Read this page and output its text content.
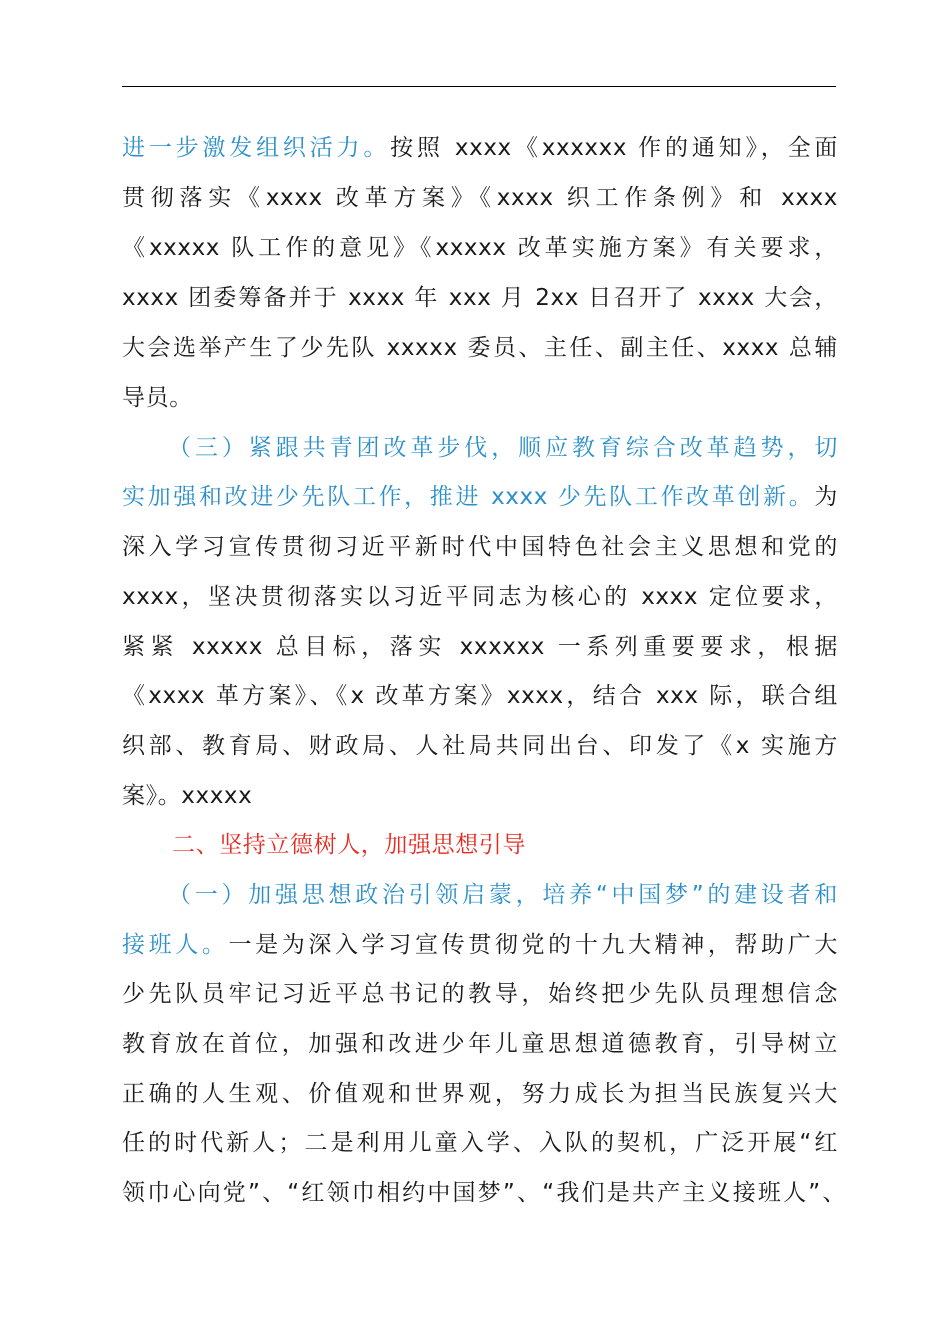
进一步激发组织活力。按照 xxxx《xxxxxx 作的通知》，全面
贯彻落实《xxxx 改革方案》《xxxx 织工作条例》和 xxxx
《xxxxx 队工作的意见》《xxxxx 改革实施方案》有关要求，
xxxx 团委筹备并于 xxxx 年 xxx 月 2xx 日召开了 xxxx 大会，
大会选举产生了少先队 xxxxx 委员、主任、副主任、xxxx 总辅
导员。
（三）紧跟共青团改革步伐，顺应教育综合改革趋势，切
实加强和改进少先队工作，推进 xxxx 少先队工作改革创新。为
深入学习宣传贯彻习近平新时代中国特色社会主义思想和党的
xxxx，坚决贯彻落实以习近平同志为核心的 xxxx 定位要求，
紧紧 xxxxx 总目标，落实 xxxxxx 一系列重要要求，根据
《xxxx 革方案》、《x 改革方案》xxxx，结合 xxx 际，联合组
织部、教育局、财政局、人社局共同出台、印发了《x 实施方
案》。xxxxx
二、坚持立德树人，加强思想引导
（一）加强思想政治引领启蒙，培养“中国梦”的建设者和
接班人。一是为深入学习宣传贯彻党的十九大精神，帮助广大
少先队员牢记习近平总书记的教导，始终把少先队员理想信念
教育放在首位，加强和改进少年儿童思想道德教育，引导树立
正确的人生观、价值观和世界观，努力成长为担当民族复兴大
任的时代新人；二是利用儿童入学、入队的契机，广泛开展“红
领巾心向党”、“红领巾相约中国梦”、“我们是共产主义接班人”、
